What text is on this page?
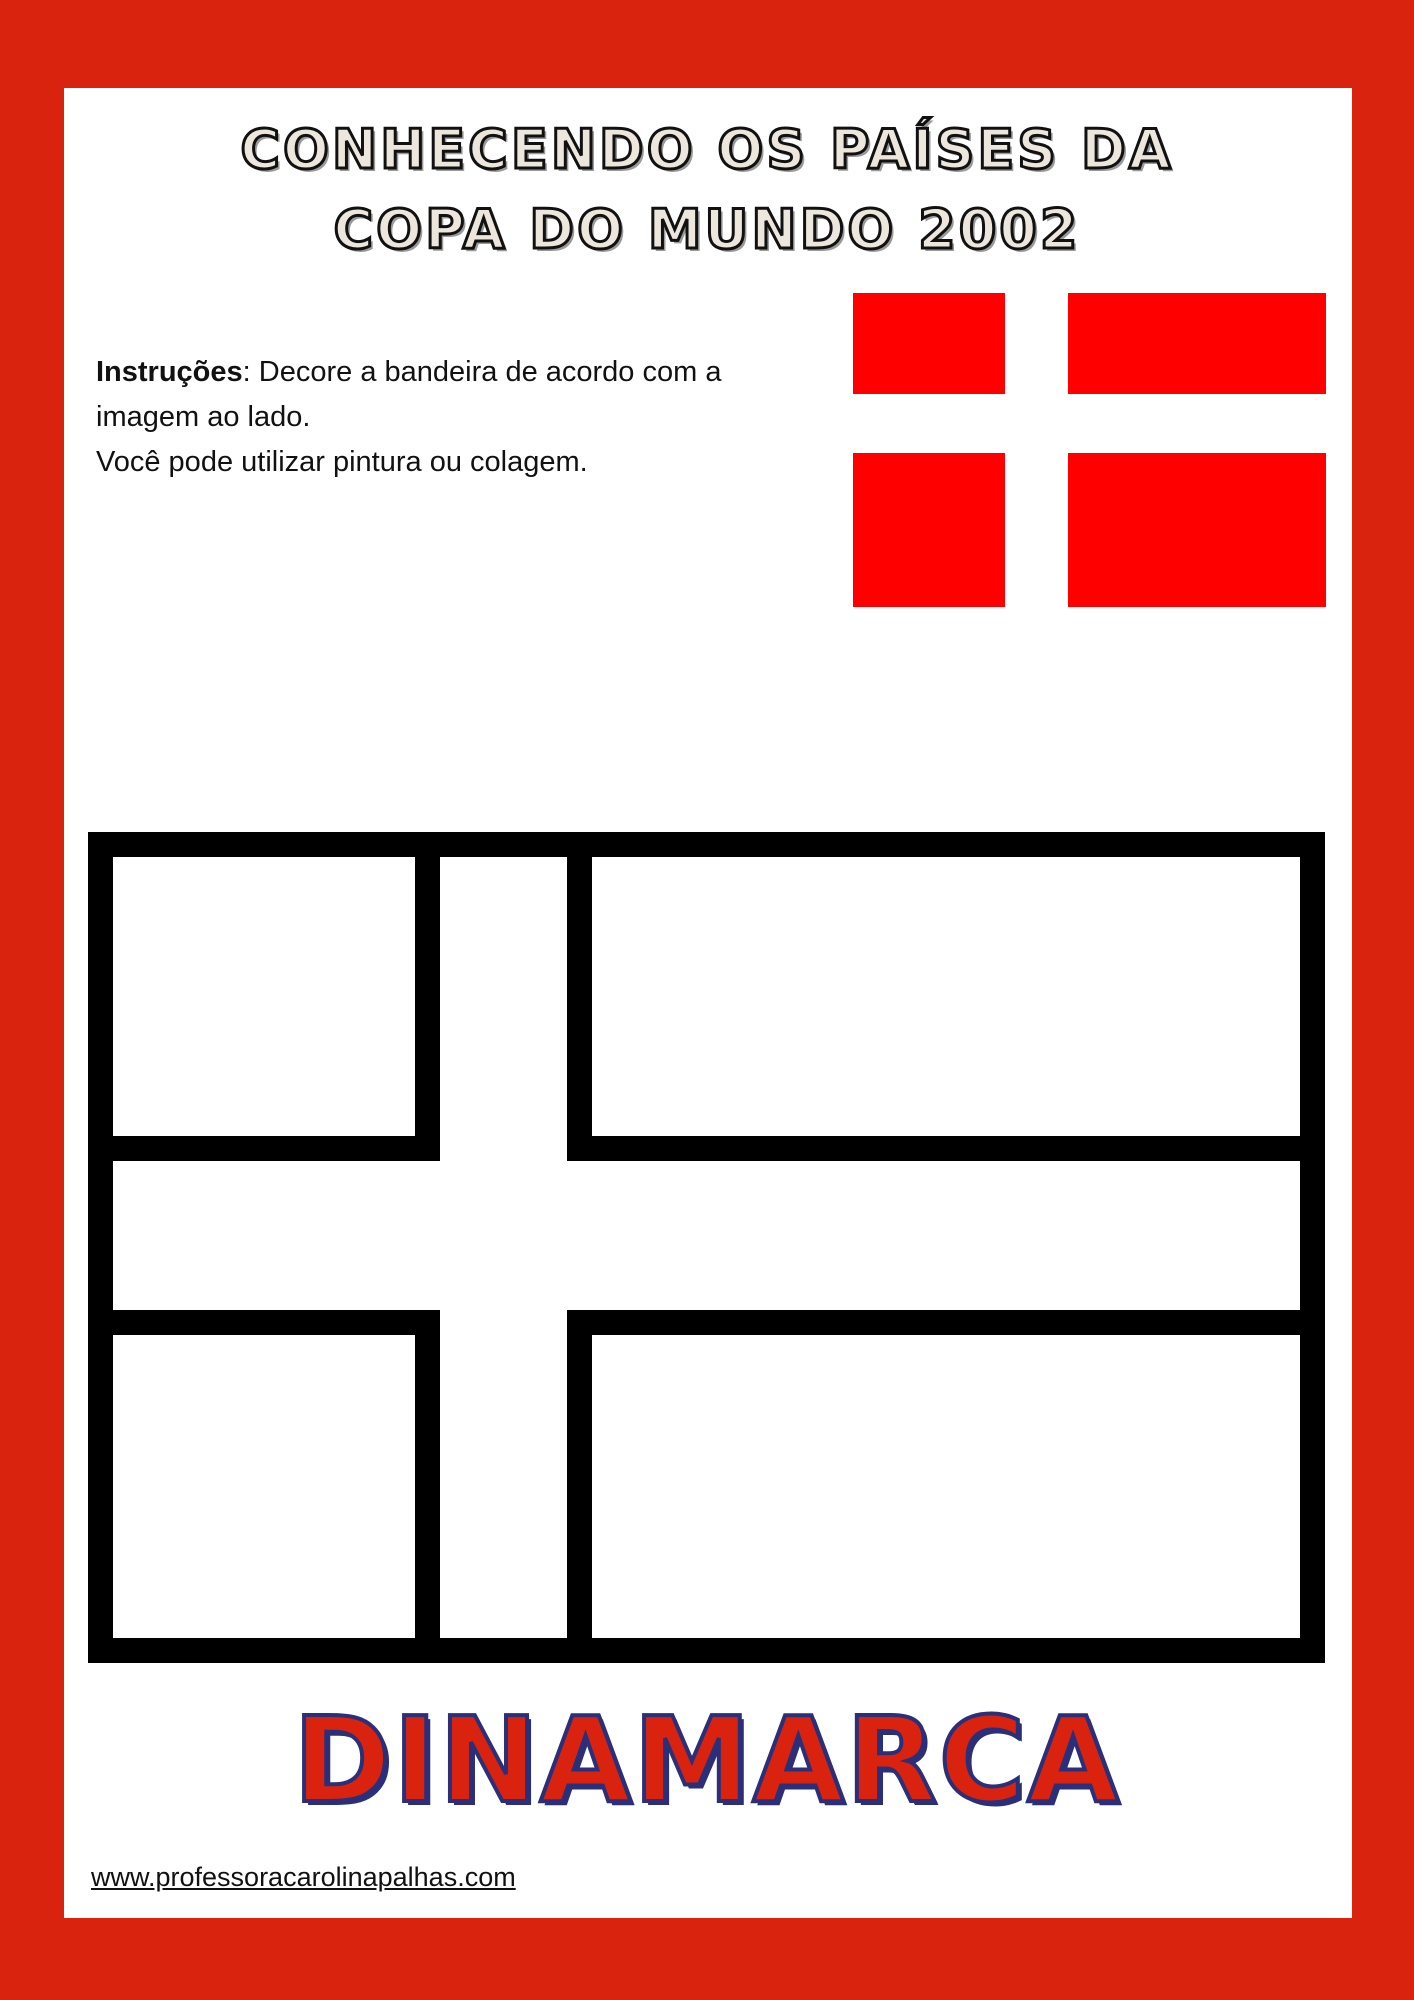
CONHECENDO OS PAÍSES DA
COPA DO MUNDO 2002
Instruções: Decore a bandeira de acordo com a
imagem ao lado.
Você pode utilizar pintura ou colagem.
DINAMARCA
www.professoracarolinapalhas.com
